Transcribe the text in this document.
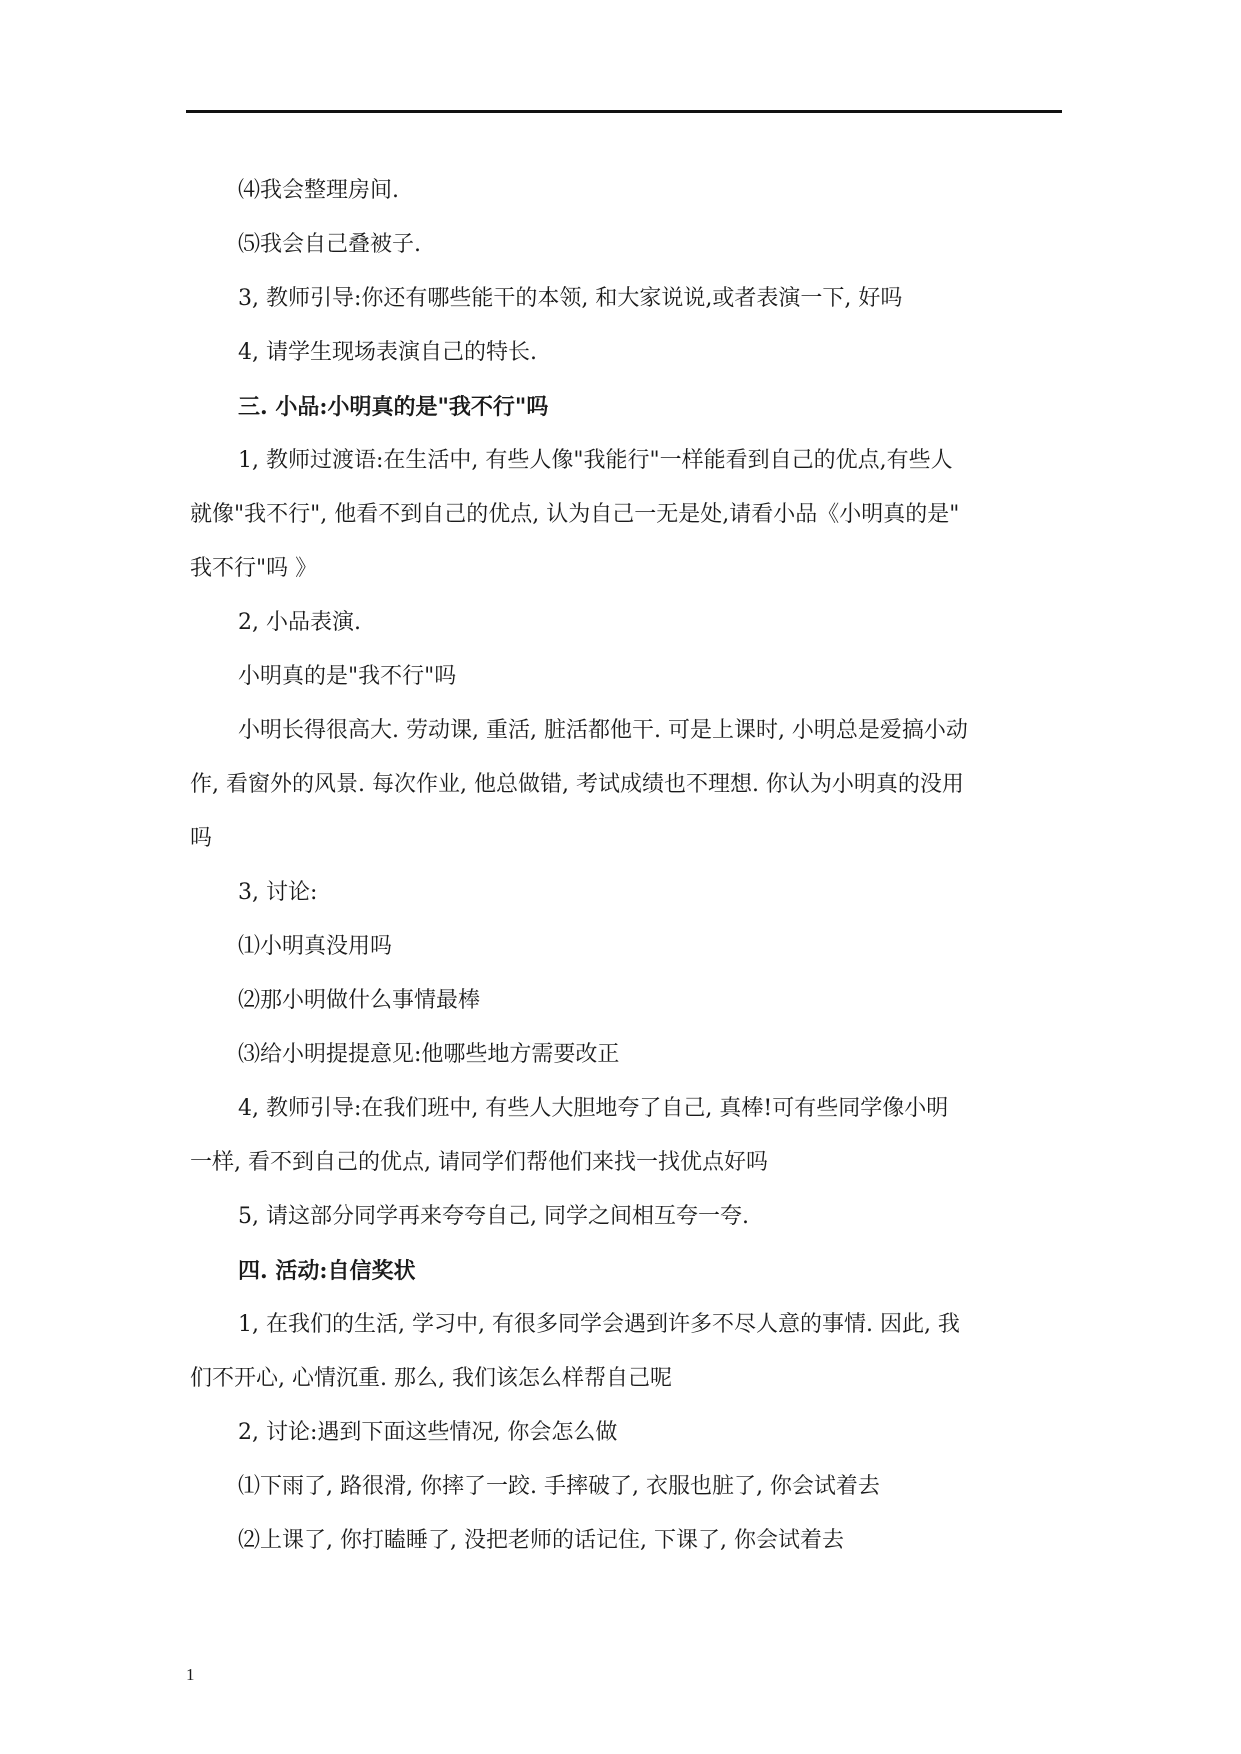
⑷我会整理房间.
⑸我会自己叠被子.
3, 教师引导:你还有哪些能干的本领, 和大家说说,或者表演一下, 好吗
4, 请学生现场表演自己的特长.
三. 小品:小明真的是"我不行"吗
1, 教师过渡语:在生活中, 有些人像"我能行"一样能看到自己的优点,有些人
就像"我不行", 他看不到自己的优点, 认为自己一无是处,请看小品《小明真的是"
我不行"吗 》
2, 小品表演.
小明真的是"我不行"吗
小明长得很高大. 劳动课, 重活, 脏活都他干. 可是上课时, 小明总是爱搞小动
作, 看窗外的风景. 每次作业, 他总做错, 考试成绩也不理想. 你认为小明真的没用
吗
3, 讨论:
⑴小明真没用吗
⑵那小明做什么事情最棒
⑶给小明提提意见:他哪些地方需要改正
4, 教师引导:在我们班中, 有些人大胆地夸了自己, 真棒!可有些同学像小明
一样, 看不到自己的优点, 请同学们帮他们来找一找优点好吗
5, 请这部分同学再来夸夸自己, 同学之间相互夸一夸.
四. 活动:自信奖状
1, 在我们的生活, 学习中, 有很多同学会遇到许多不尽人意的事情. 因此, 我
们不开心, 心情沉重. 那么, 我们该怎么样帮自己呢
2, 讨论:遇到下面这些情况, 你会怎么做
⑴下雨了, 路很滑, 你摔了一跤. 手摔破了, 衣服也脏了, 你会试着去
⑵上课了, 你打瞌睡了, 没把老师的话记住, 下课了, 你会试着去
1
